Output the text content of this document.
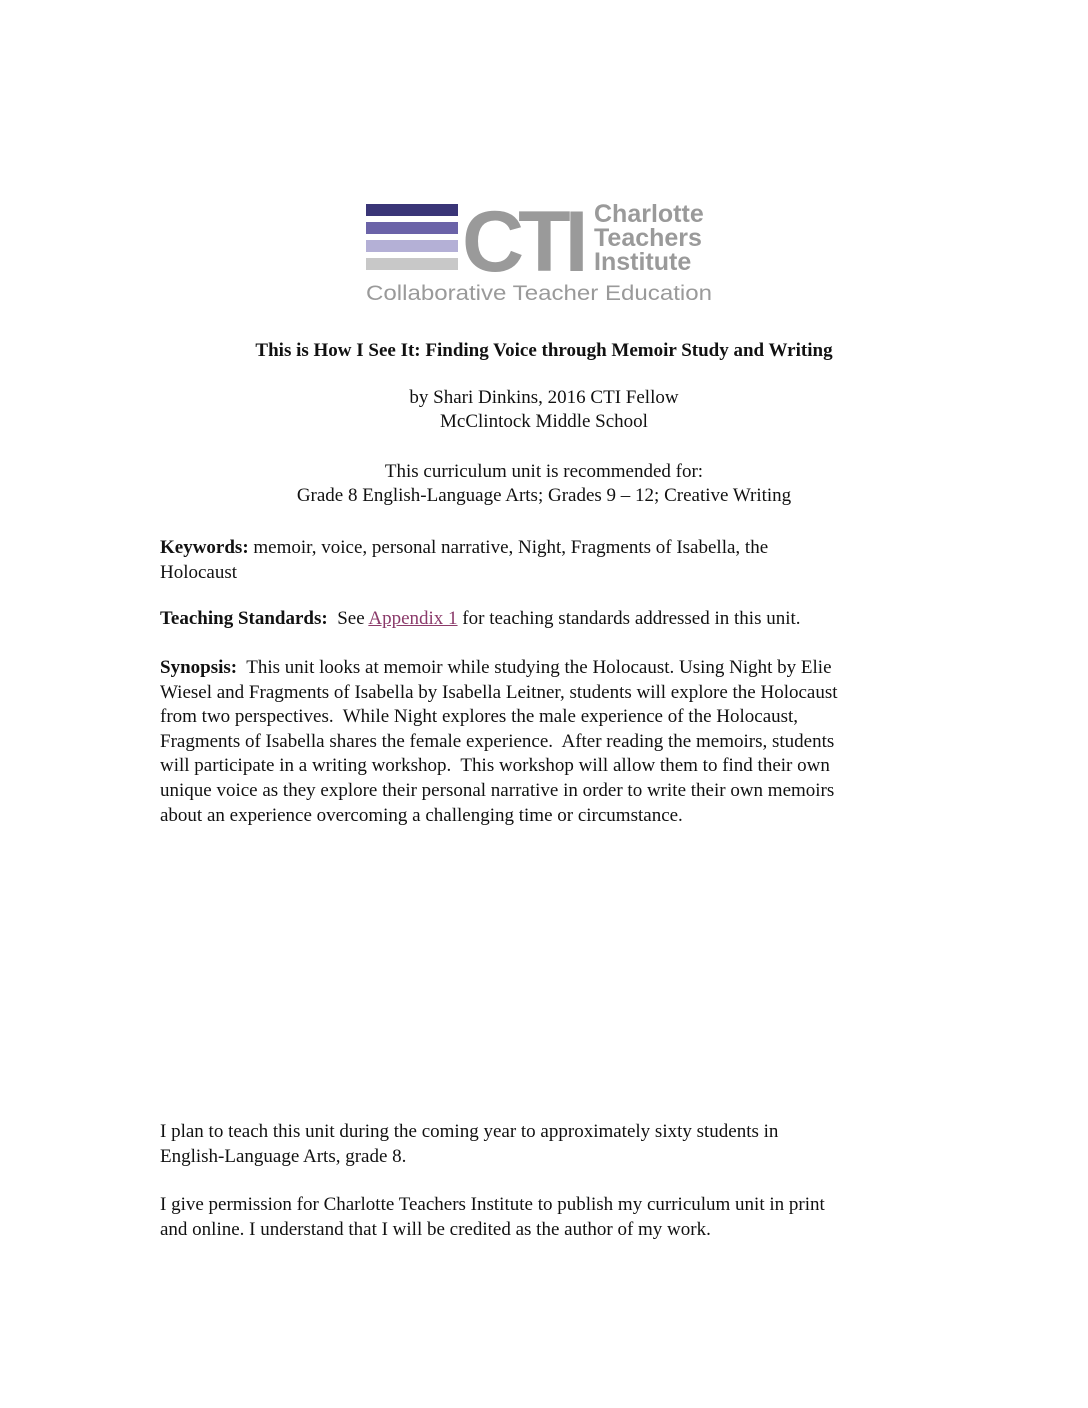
CTI Charlotte
Teachers
Institute
Collaborative Teacher Education
This is How I See It: Finding Voice through Memoir Study and Writing
by Shari Dinkins, 2016 CTI Fellow
McClintock Middle School
This curriculum unit is recommended for:
Grade 8 English-Language Arts; Grades 9 – 12; Creative Writing
Keywords: memoir, voice, personal narrative, Night, Fragments of Isabella, the
Holocaust
Teaching Standards:  See Appendix 1 for teaching standards addressed in this unit.
Synopsis:  This unit looks at memoir while studying the Holocaust. Using Night by Elie
Wiesel and Fragments of Isabella by Isabella Leitner, students will explore the Holocaust
from two perspectives.  While Night explores the male experience of the Holocaust,
Fragments of Isabella shares the female experience.  After reading the memoirs, students
will participate in a writing workshop.  This workshop will allow them to find their own
unique voice as they explore their personal narrative in order to write their own memoirs
about an experience overcoming a challenging time or circumstance.
I plan to teach this unit during the coming year to approximately sixty students in
English-Language Arts, grade 8.
I give permission for Charlotte Teachers Institute to publish my curriculum unit in print
and online. I understand that I will be credited as the author of my work.
